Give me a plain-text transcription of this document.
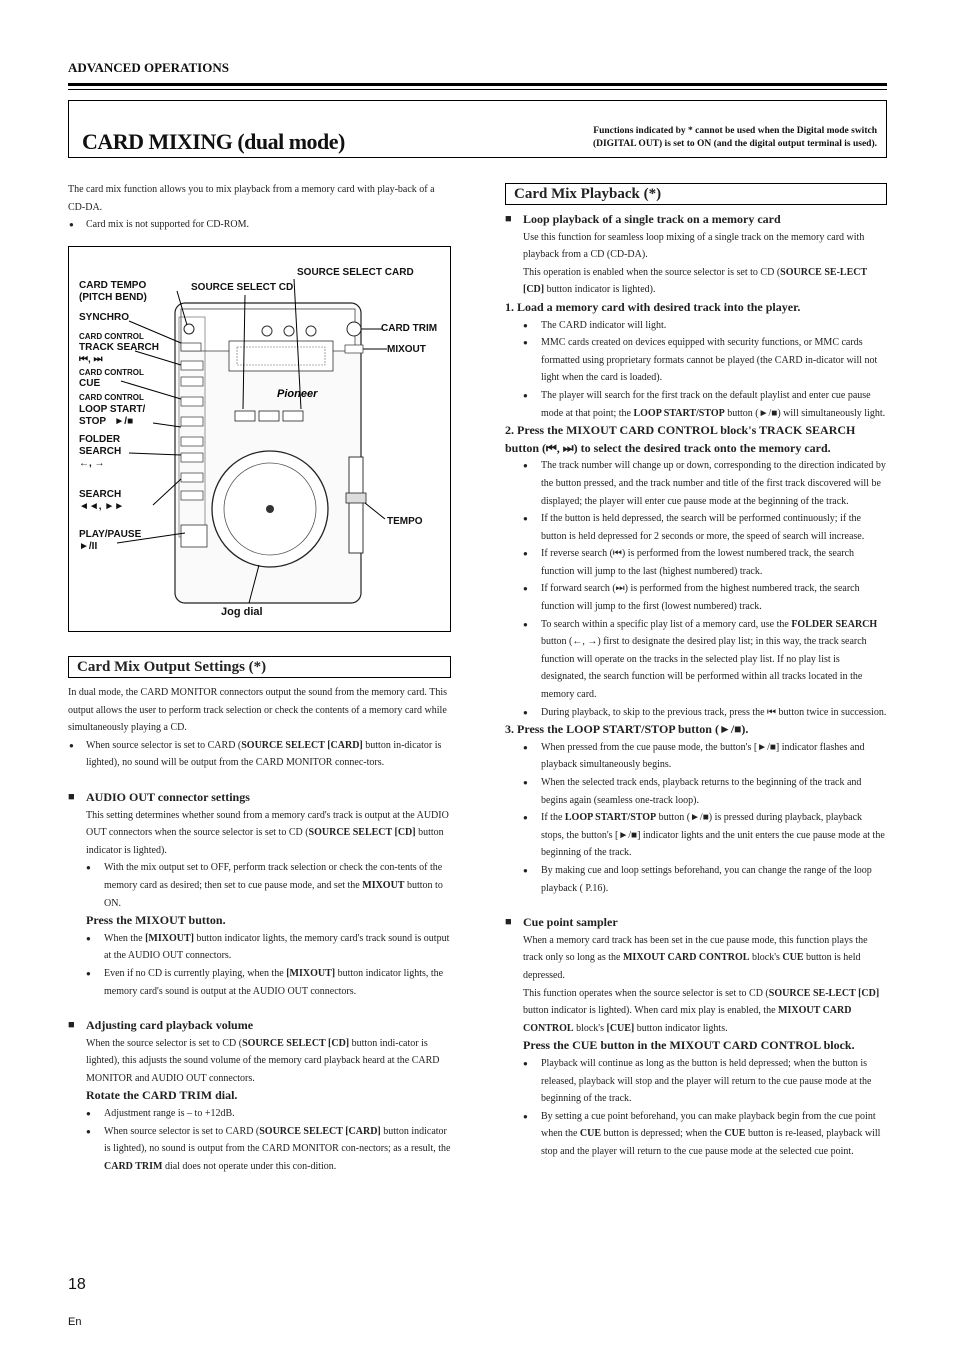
ADVANCED OPERATIONS
CARD MIXING (dual mode)	Functions indicated by * cannot be used when the Digital mode switch
(DIGITAL OUT) is set to ON (and the digital output terminal is used).

The card mix function allows you to mix playback from a memory card with play-back of a CD-DA.

● Card mix is not supported for CD-ROM.

Pioneer
SOURCE SELECT CARD
CARD TEMPO
(PITCH BEND)
SOURCE SELECT CD
SYNCHRO
CARD TRIM
CARD CONTROL
TRACK SEARCH
⏮, ⏭
MIXOUT
CARD CONTROL
CUE
CARD CONTROL
LOOP START/
STOP ►/■
FOLDER
SEARCH
←, →
SEARCH
◄◄, ►►
TEMPO
PLAY/PAUSE
►/II
Jog dial
Card Mix Output Settings (*)

In dual mode, the CARD MONITOR connectors output the sound from the memory card. This output allows the user to perform track selection or check the contents of a memory card while simultaneously playing a CD.

● When source selector is set to CARD (SOURCE SELECT [CARD] button in-dicator is lighted), no sound will be output from the CARD MONITOR connec-tors.

■ AUDIO OUT connector settings

This setting determines whether sound from a memory card's track is output at the AUDIO OUT connectors when the source selector is set to CD (SOURCE SELECT [CD] button indicator is lighted).

● With the mix output set to OFF, perform track selection or check the con-tents of the memory card as desired; then set to cue pause mode, and set the MIXOUT button to ON.

Press the MIXOUT button.

● When the [MIXOUT] button indicator lights, the memory card's track sound is output at the AUDIO OUT connectors.

● Even if no CD is currently playing, when the [MIXOUT] button indicator lights, the memory card's sound is output at the AUDIO OUT connectors.

■ Adjusting card playback volume

When the source selector is set to CD (SOURCE SELECT [CD] button indi-cator is lighted), this adjusts the sound volume of the memory card playback heard at the CARD MONITOR and AUDIO OUT connectors.

Rotate the CARD TRIM dial.

● Adjustment range is – to +12dB.

● When source selector is set to CARD (SOURCE SELECT [CARD] button indicator is lighted), no sound is output from the CARD MONITOR con-nectors; as a result, the CARD TRIM dial does not operate under this con-dition.

Card Mix Playback (*)

■ Loop playback of a single track on a memory card

Use this function for seamless loop mixing of a single track on the memory card with playback from a CD (CD-DA).

This operation is enabled when the source selector is set to CD (SOURCE SE-LECT [CD] button indicator is lighted).

1. Load a memory card with desired track into the player.

● The CARD indicator will light.

● MMC cards created on devices equipped with security functions, or MMC cards formatted using proprietary formats cannot be played (the CARD in-dicator will not light when the card is loaded).

● The player will search for the first track on the default playlist and enter cue pause mode at that point; the LOOP START/STOP button (►/■) will simultaneously light.

2. Press the MIXOUT CARD CONTROL block's TRACK SEARCH button (⏮, ⏭) to select the desired track onto the memory card.

● The track number will change up or down, corresponding to the direction indicated by the button pressed, and the track number and title of the first track discovered will be displayed; the player will enter cue pause mode at the beginning of the track.

● If the button is held depressed, the search will be performed continuously; if the button is held depressed for 2 seconds or more, the speed of search will increase.

● If reverse search (⏮) is performed from the lowest numbered track, the search function will jump to the last (highest numbered) track.

● If forward search (⏭) is performed from the highest numbered track, the search function will jump to the first (lowest numbered) track.

● To search within a specific play list of a memory card, use the FOLDER SEARCH button (←, →) first to designate the desired play list; in this way, the track search function will operate on the tracks in the selected play list. If no play list is designated, the search function will be performed within all tracks located in the memory card.

● During playback, to skip to the previous track, press the ⏮ button twice in succession.

3. Press the LOOP START/STOP button (►/■).

● When pressed from the cue pause mode, the button's [►/■] indicator flashes and playback simultaneously begins.

● When the selected track ends, playback returns to the beginning of the track and begins again (seamless one-track loop).

● If the LOOP START/STOP button (►/■) is pressed during playback, playback stops, the button's [►/■] indicator lights and the unit enters the cue pause mode at the beginning of the track.

● By making cue and loop settings beforehand, you can change the range of the loop playback ( P.16).

■ Cue point sampler

When a memory card track has been set in the cue pause mode, this function plays the track only so long as the MIXOUT CARD CONTROL block's CUE button is held depressed.

This function operates when the source selector is set to CD (SOURCE SE-LECT [CD] button indicator is lighted). When card mix play is enabled, the MIXOUT CARD CONTROL block's [CUE] button indicator lights.

Press the CUE button in the MIXOUT CARD CONTROL block.

● Playback will continue as long as the button is held depressed; when the button is released, playback will stop and the player will return to the cue pause mode at the beginning of the track.

● By setting a cue point beforehand, you can make playback begin from the cue point when the CUE button is depressed; when the CUE button is re-leased, playback will stop and the player will return to the cue pause mode at the selected cue point.

18
En
